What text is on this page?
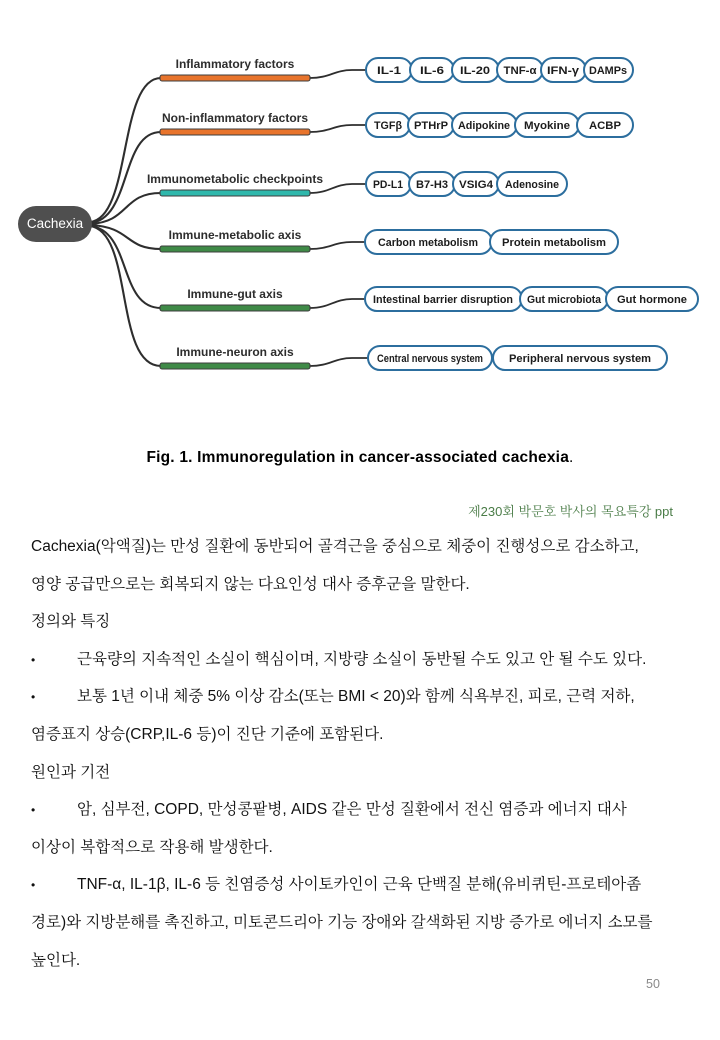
Cachexia
Inflammatory factors	IL-1 IL-6 IL-20 TNF-α IFN-γ DAMPs
Non-inflammatory factors
TGFβ PTHrP Adipokine Myokine ACBP
Immunometabolic checkpoints	PD-L1 B7-H3 VSIG4 Adenosine
Immune-metabolic axis
Carbon metabolism Protein metabolism
Immune-gut axis	Intestinal barrier disruption Gut microbiota Gut hormone
Immune-neuron axis	Central nervous system Peripheral nervous system
Fig. 1. Immunoregulation in cancer-associated cachexia.
제230회 박문호 박사의 목요특강 ppt
Cachexia(악액질)는 만성 질환에 동반되어 골격근을 중심으로 체중이 진행성으로 감소하고,
영양 공급만으로는 회복되지 않는 다요인성 대사 증후군을 말한다.
정의와 특징
•	근육량의 지속적인 소실이 핵심이며, 지방량 소실이 동반될 수도 있고 안 될 수도 있다.
•	보통 1년 이내 체중 5% 이상 감소(또는 BMI < 20)와 함께 식욕부진, 피로, 근력 저하,
염증표지 상승(CRP,IL-6 등)이 진단 기준에 포함된다.
원인과 기전
•	암, 심부전, COPD, 만성콩팥병, AIDS 같은 만성 질환에서 전신 염증과 에너지 대사
이상이 복합적으로 작용해 발생한다.
•	TNF-α, IL-1β, IL-6 등 친염증성 사이토카인이 근육 단백질 분해(유비퀴틴-프로테아좀
경로)와 지방분해를 촉진하고, 미토콘드리아 기능 장애와 갈색화된 지방 증가로 에너지 소모를
높인다.
50
